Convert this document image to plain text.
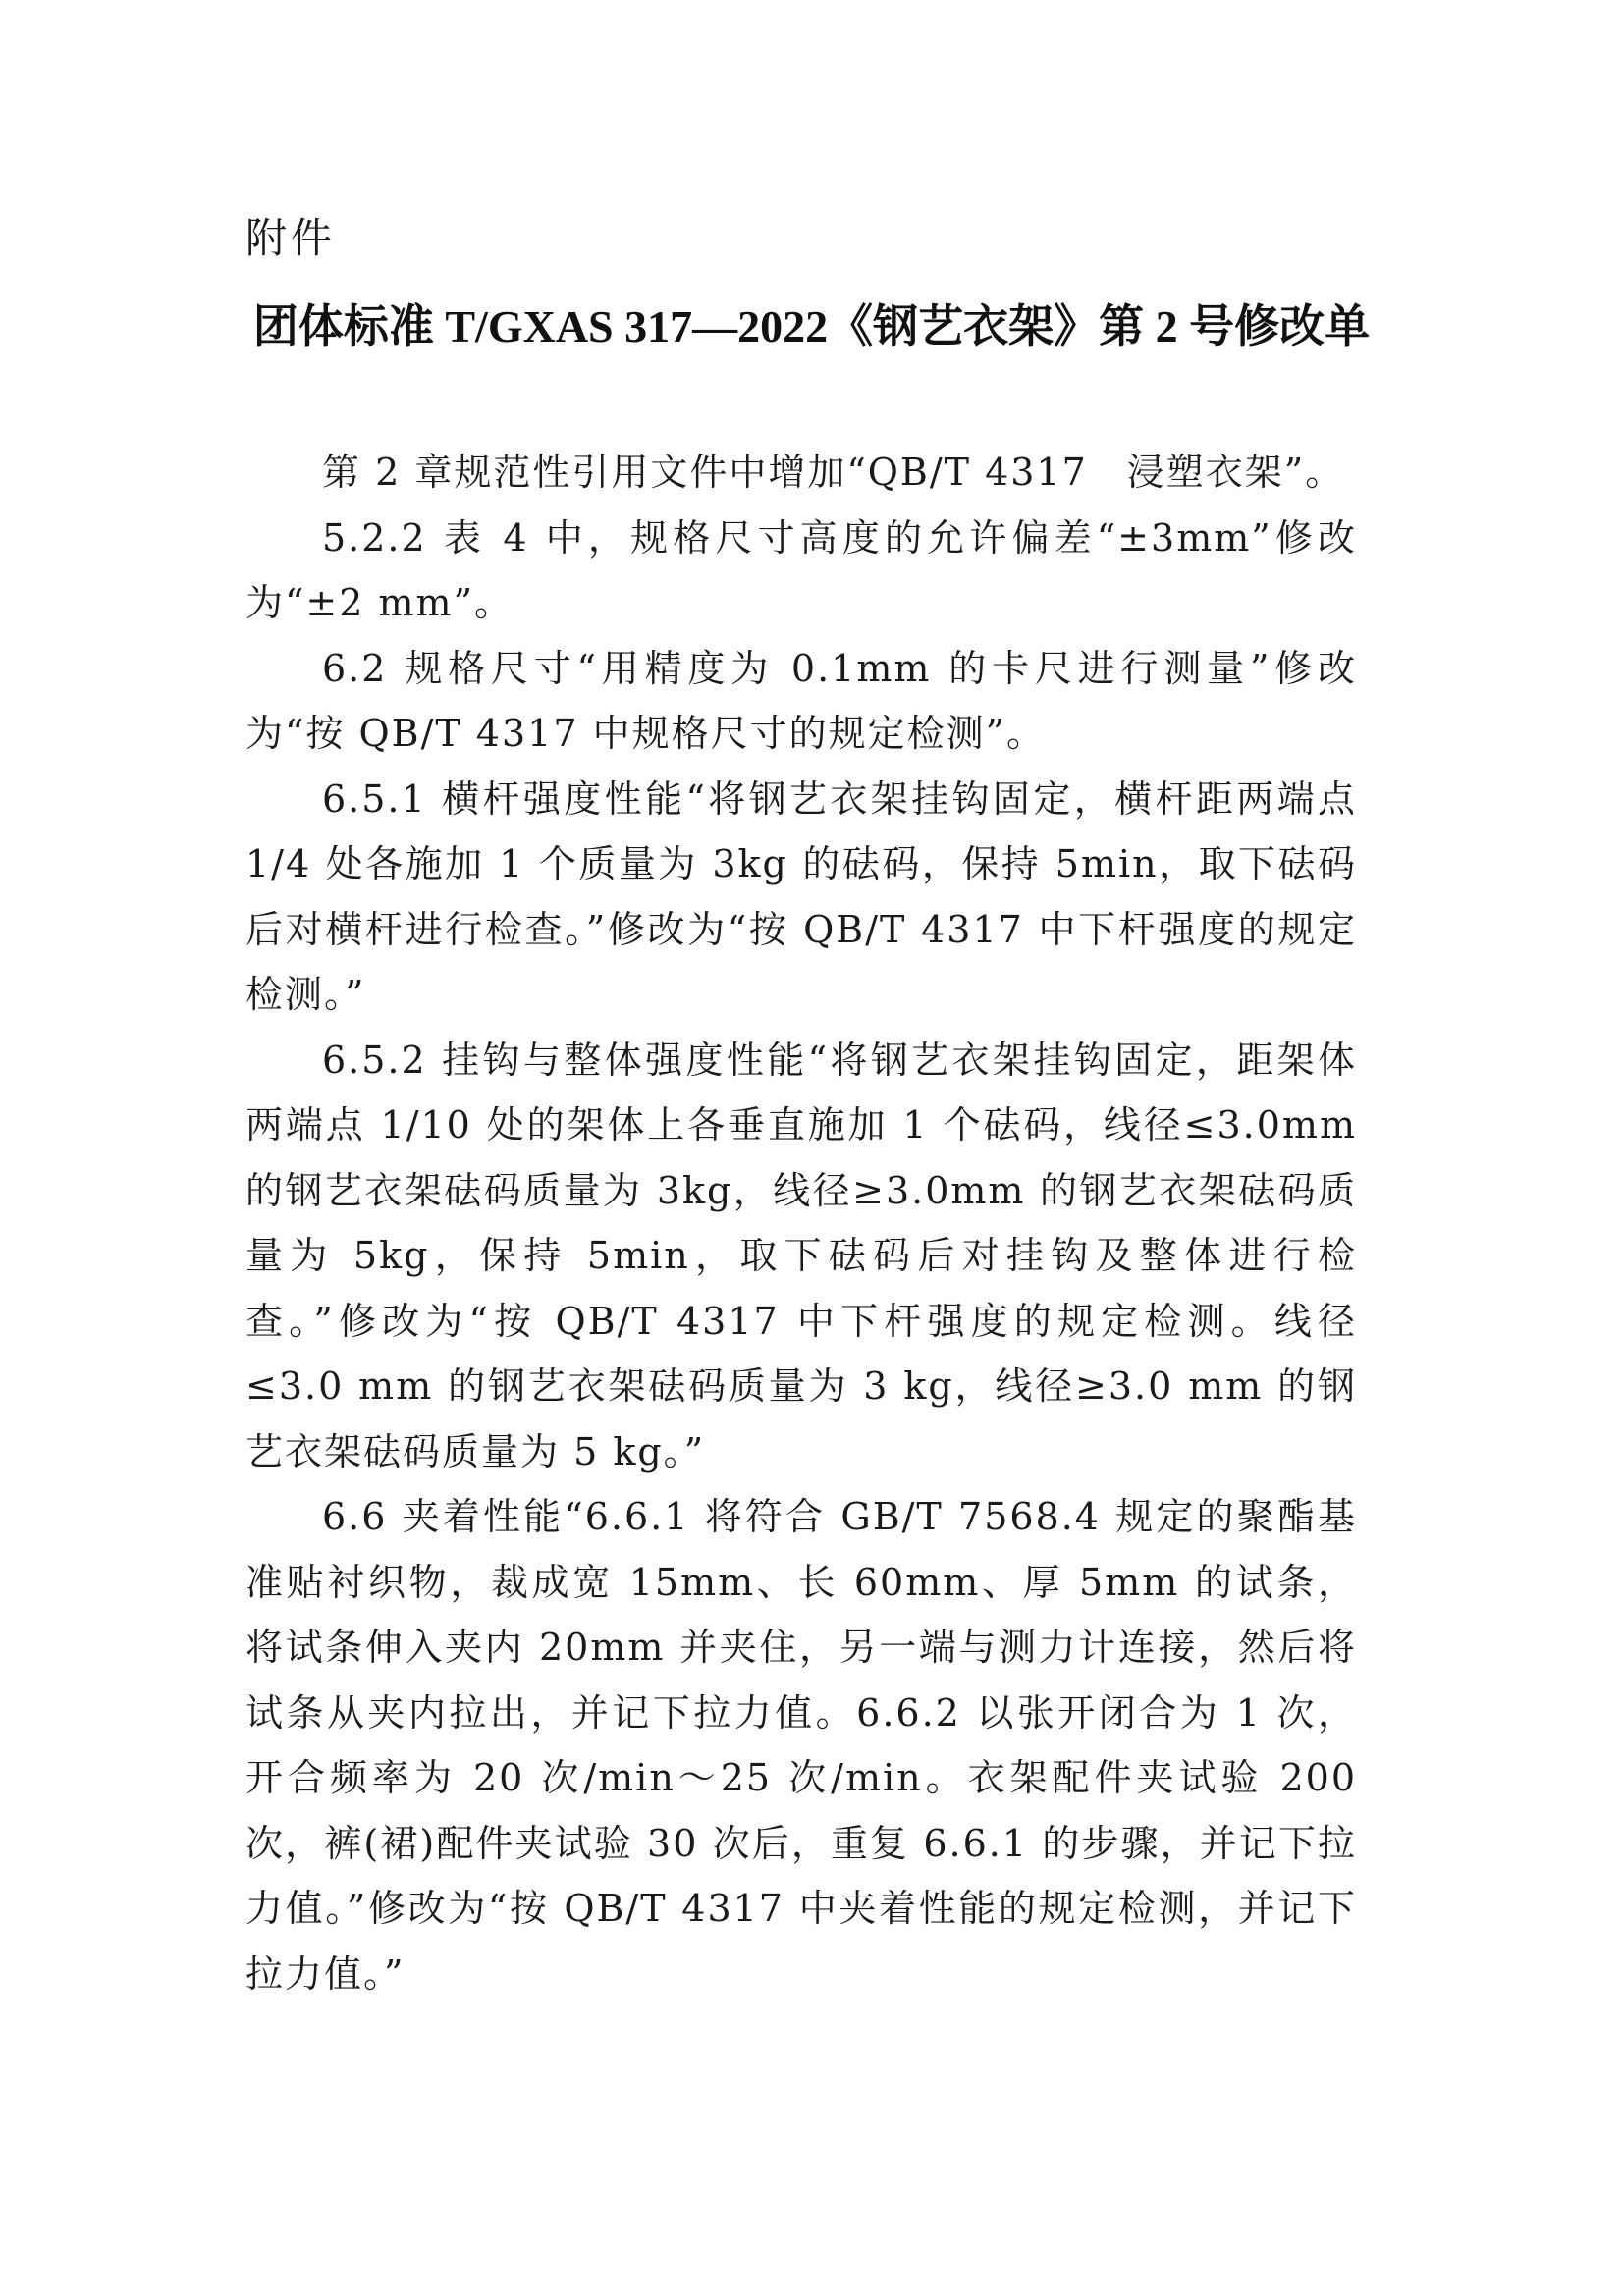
附件
团体标准 T/GXAS 317—2022《钢艺衣架》第 2 号修改单

第 2 章规范性引用文件中增加“QB/T 4317　浸塑衣架”。

5.2.2 表 4 中，规格尺寸高度的允许偏差“±3mm”修改为“±2 mm”。

6.2 规格尺寸“用精度为 0.1mm 的卡尺进行测量”修改为“按 QB/T 4317 中规格尺寸的规定检测”。

6.5.1 横杆强度性能“将钢艺衣架挂钩固定，横杆距两端点 1/4 处各施加 1 个质量为 3kg 的砝码，保持 5min，取下砝码后对横杆进行检查。”修改为“按 QB/T 4317 中下杆强度的规定检测。”

6.5.2 挂钩与整体强度性能“将钢艺衣架挂钩固定，距架体两端点 1/10 处的架体上各垂直施加 1 个砝码，线径≤3.0mm 的钢艺衣架砝码质量为 3kg，线径≥3.0mm 的钢艺衣架砝码质量为 5kg，保持 5min，取下砝码后对挂钩及整体进行检查。”修改为“按 QB/T 4317 中下杆强度的规定检测。线径≤3.0 mm 的钢艺衣架砝码质量为 3 kg，线径≥3.0 mm 的钢艺衣架砝码质量为 5 kg。”

6.6 夹着性能“6.6.1 将符合 GB/T 7568.4 规定的聚酯基准贴衬织物，裁成宽 15mm、长 60mm、厚 5mm 的试条，将试条伸入夹内 20mm 并夹住，另一端与测力计连接，然后将试条从夹内拉出，并记下拉力值。6.6.2 以张开闭合为 1 次，开合频率为 20 次/min～25 次/min。衣架配件夹试验 200 次，裤(裙)配件夹试验 30 次后，重复 6.6.1 的步骤，并记下拉力值。”修改为“按 QB/T 4317 中夹着性能的规定检测，并记下拉力值。”
